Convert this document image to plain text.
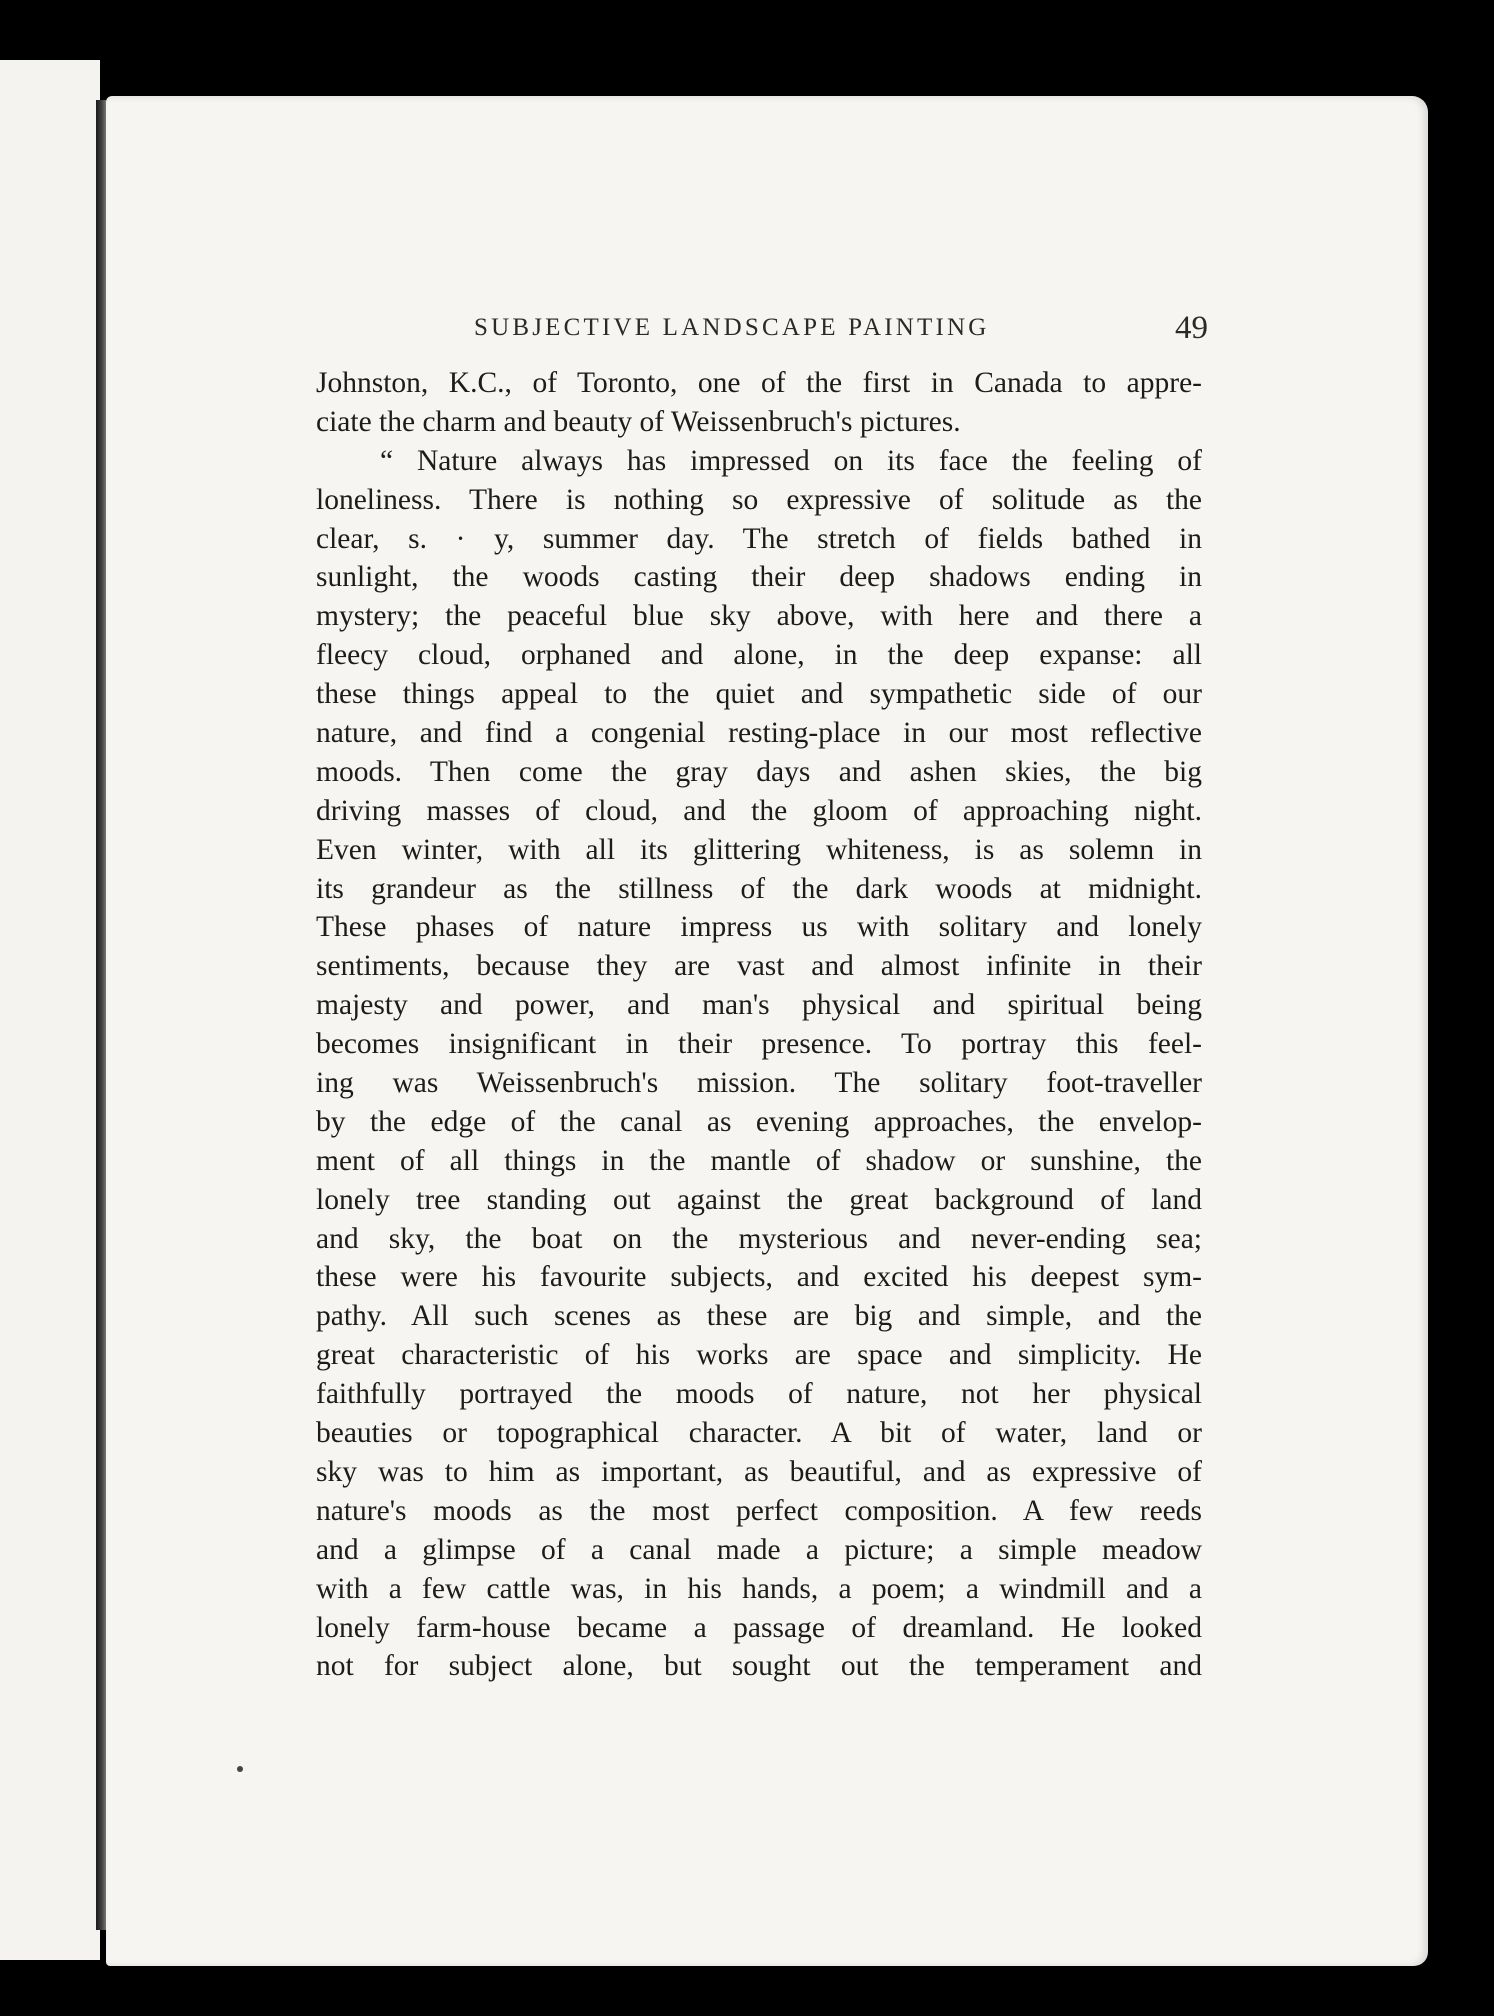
SUBJECTIVE LANDSCAPE PAINTING	49
Johnston, K.C., of Toronto, one of the first in Canada to appre-
ciate the charm and beauty of Weissenbruch's pictures.
“ Nature always has impressed on its face the feeling of
loneliness. There is nothing so expressive of solitude as the
clear, s. · y, summer day. The stretch of fields bathed in
sunlight, the woods casting their deep shadows ending in
mystery; the peaceful blue sky above, with here and there a
fleecy cloud, orphaned and alone, in the deep expanse: all
these things appeal to the quiet and sympathetic side of our
nature, and find a congenial resting-place in our most reflective
moods. Then come the gray days and ashen skies, the big
driving masses of cloud, and the gloom of approaching night.
Even winter, with all its glittering whiteness, is as solemn in
its grandeur as the stillness of the dark woods at midnight.
These phases of nature impress us with solitary and lonely
sentiments, because they are vast and almost infinite in their
majesty and power, and man's physical and spiritual being
becomes insignificant in their presence. To portray this feel-
ing was Weissenbruch's mission. The solitary foot-traveller
by the edge of the canal as evening approaches, the envelop-
ment of all things in the mantle of shadow or sunshine, the
lonely tree standing out against the great background of land
and sky, the boat on the mysterious and never-ending sea;
these were his favourite subjects, and excited his deepest sym-
pathy. All such scenes as these are big and simple, and the
great characteristic of his works are space and simplicity. He
faithfully portrayed the moods of nature, not her physical
beauties or topographical character. A bit of water, land or
sky was to him as important, as beautiful, and as expressive of
nature's moods as the most perfect composition. A few reeds
and a glimpse of a canal made a picture; a simple meadow
with a few cattle was, in his hands, a poem; a windmill and a
lonely farm-house became a passage of dreamland. He looked
not for subject alone, but sought out the temperament and
